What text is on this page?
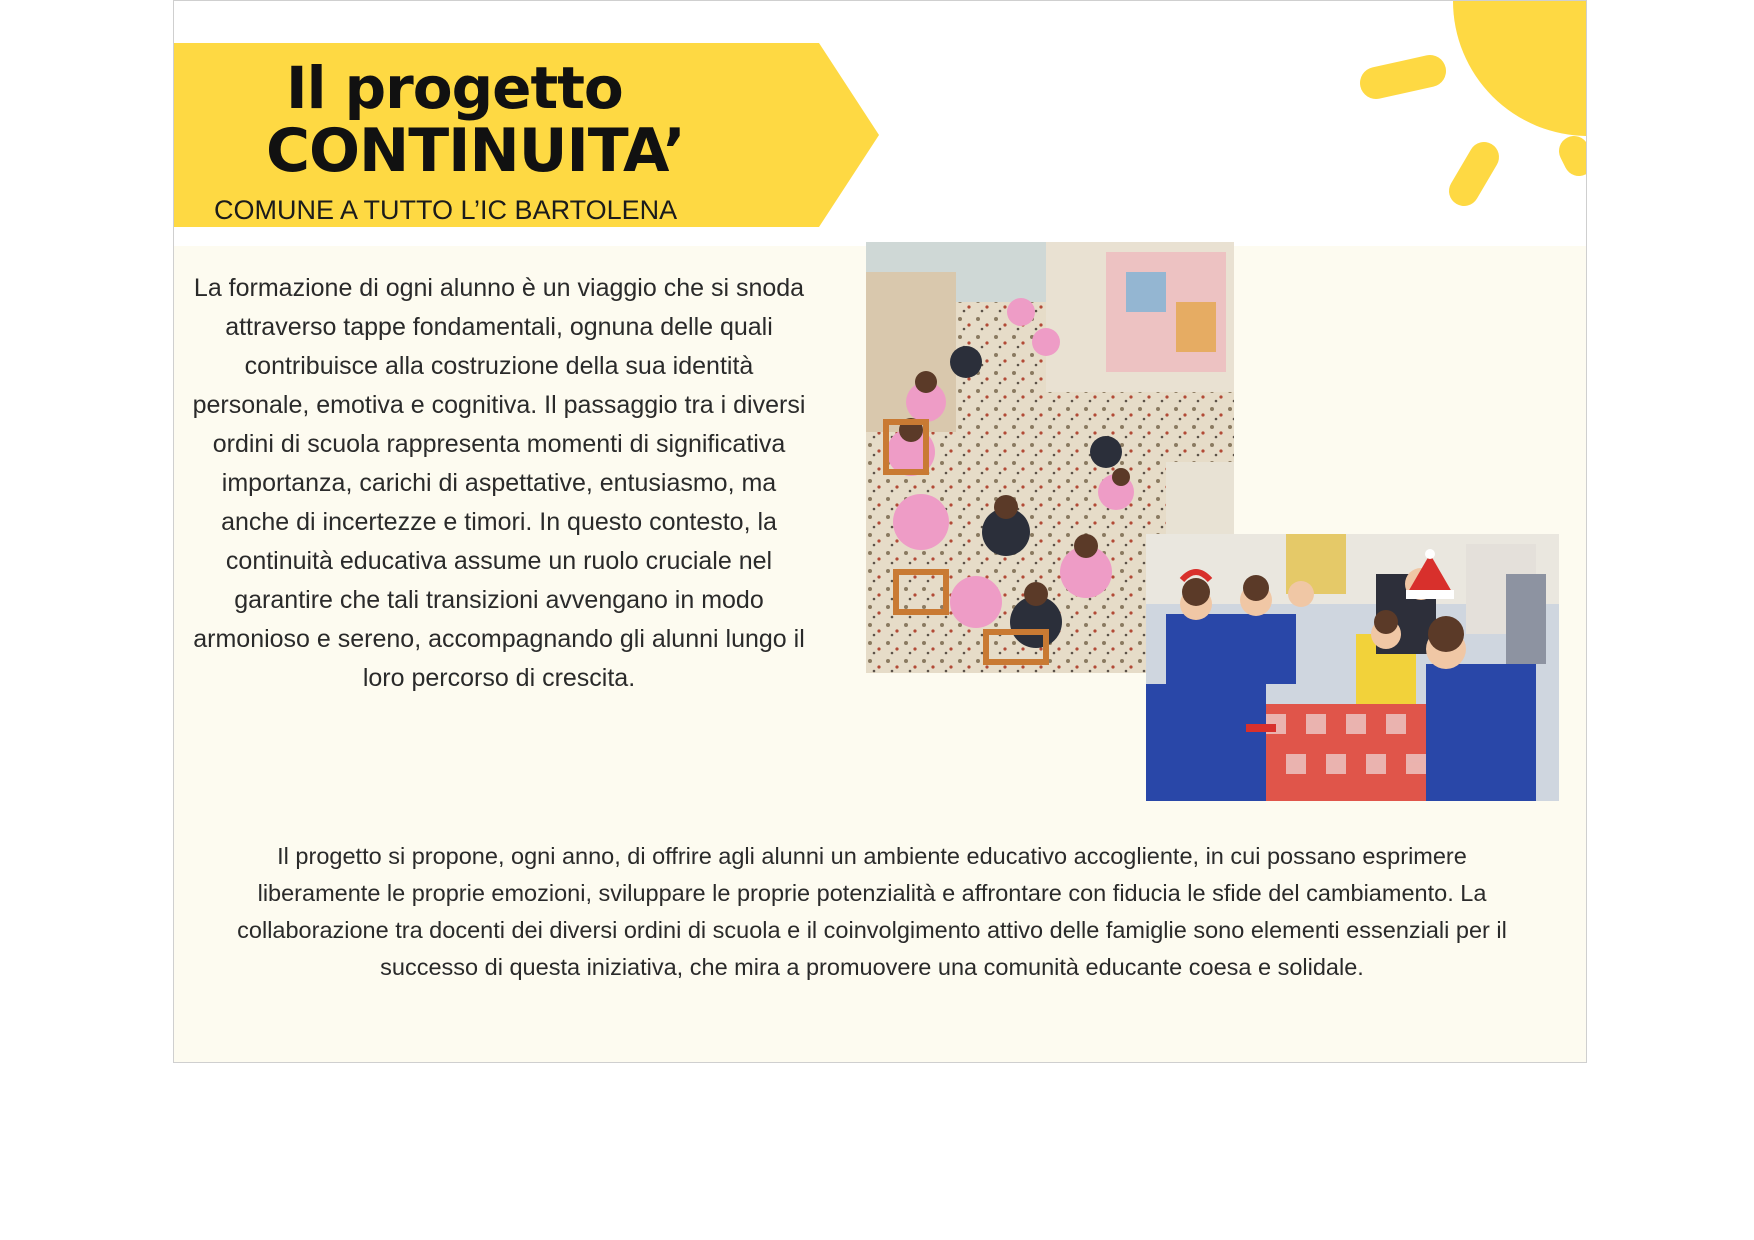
Il progetto
CONTINUITA’

COMUNE A TUTTO L’IC BARTOLENA

La formazione di ogni alunno è un viaggio che si snoda attraverso tappe fondamentali, ognuna delle quali contribuisce alla costruzione della sua identità personale, emotiva e cognitiva. Il passaggio tra i diversi ordini di scuola rappresenta momenti di significativa importanza, carichi di aspettative, entusiasmo, ma anche di incertezze e timori. In questo contesto, la continuità educativa assume un ruolo cruciale nel garantire che tali transizioni avvengano in modo armonioso e sereno, accompagnando gli alunni lungo il loro percorso di crescita.

Il progetto si propone, ogni anno, di offrire agli alunni un ambiente educativo accogliente, in cui possano esprimere liberamente le proprie emozioni, sviluppare le proprie potenzialità e affrontare con fiducia le sfide del cambiamento. La collaborazione tra docenti dei diversi ordini di scuola e il coinvolgimento attivo delle famiglie sono elementi essenziali per il successo di questa iniziativa, che mira a promuovere una comunità educante coesa e solidale.
